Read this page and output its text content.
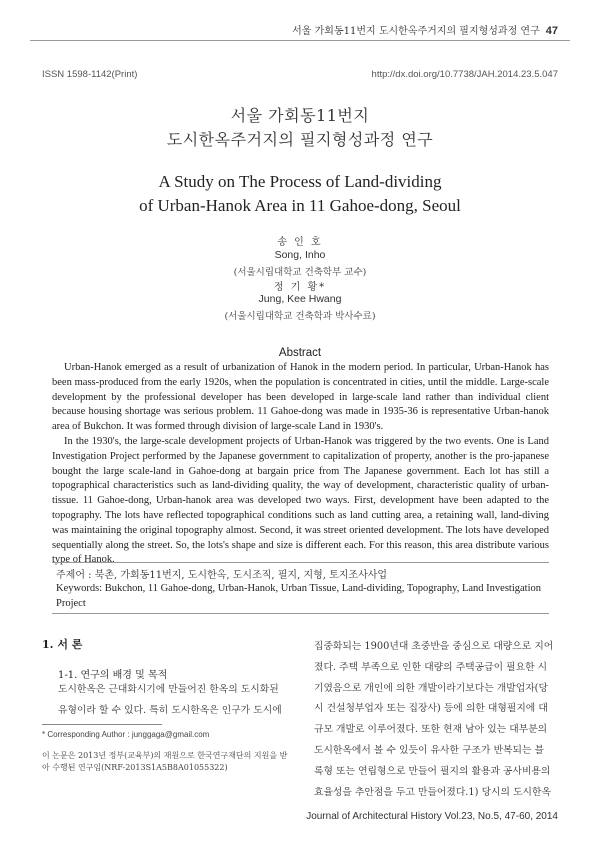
서울 가회동11번지 도시한옥주거지의 필지형성과정 연구 47
ISSN 1598-1142(Print)	http://dx.doi.org/10.7738/JAH.2014.23.5.047
서울 가회동11번지
도시한옥주거지의 필지형성과정 연구
A Study on The Process of Land-dividing
of Urban-Hanok Area in 11 Gahoe-dong, Seoul
송 인 호
Song, Inho
(서울시립대학교 건축학부 교수)
정 기 황*
Jung, Kee Hwang
(서울시립대학교 건축학과 박사수료)
Abstract
Urban-Hanok emerged as a result of urbanization of Hanok in the modern period. In particular, Urban-Hanok has been mass-produced from the early 1920s, when the population is concentrated in cities, until the middle. Large-scale development by the professional developer has been developed in large-scale land rather than individual client because housing shortage was serious problem. 11 Gahoe-dong was made in 1935-36 is representative Urban-hanok area of Bukchon. It was formed through division of large-scale Land in 1930's.
In the 1930's, the large-scale development projects of Urban-Hanok was triggered by the two events. One is Land Investigation Project performed by the Japanese government to capitalization of property, another is the pro-japanese bought the large scale-land in Gahoe-dong at bargain price from The Japanese government. Each lot has still a topographical characteristics such as land-dividing quality, the way of development, characteristic quality of urban-tissue. 11 Gahoe-dong, Urban-hanok area was developed two ways. First, development have been adapted to the topography. The lots have reflected topographical conditions such as land cutting area, a retaining wall, land-diving was maintaining the original topography almost. Second, it was street oriented development. The lots have developed sequentially along the street. So, the lots's shape and size is different each. For this reason, this area distribute various type of Hanok.
주제어 : 북촌, 가회동11번지, 도시한옥, 도시조직, 필지, 지형, 토지조사사업
Keywords: Bukchon, 11 Gahoe-dong, Urban-Hanok, Urban Tissue, Land-dividing, Topography, Land Investigation Project
1. 서 론
1-1. 연구의 배경 및 목적
도시한옥은 근대화시기에 만들어진 한옥의 도시화된
유형이라 할 수 있다. 특히 도시한옥은 인구가 도시에
집중화되는 1900년대 초중반을 중심으로 대량으로 지어
졌다. 주택 부족으로 인한 대량의 주택공급이 필요한 시
기였음으로 개인에 의한 개발이라기보다는 개발업자(당
시 건설청부업자 또는 집장사) 등에 의한 대형필지에 대
규모 개발로 이루어졌다. 또한 현재 남아 있는 대부분의
도시한옥에서 볼 수 있듯이 유사한 구조가 반복되는 블
록형 또는 연립형으로 만들어 필지의 활용과 공사비용의
효율성을 추안점을 두고 만들어졌다.1) 당시의 도시한옥
* Corresponding Author : junggaga@gmail.com
이 논문은 2013년 정부(교육부)의 재원으로 한국연구재단의 지원을 받아 수행된 연구임(NRF-2013S1A5B8A01055322)
Journal of Architectural History Vol.23, No.5, 47-60, 2014
